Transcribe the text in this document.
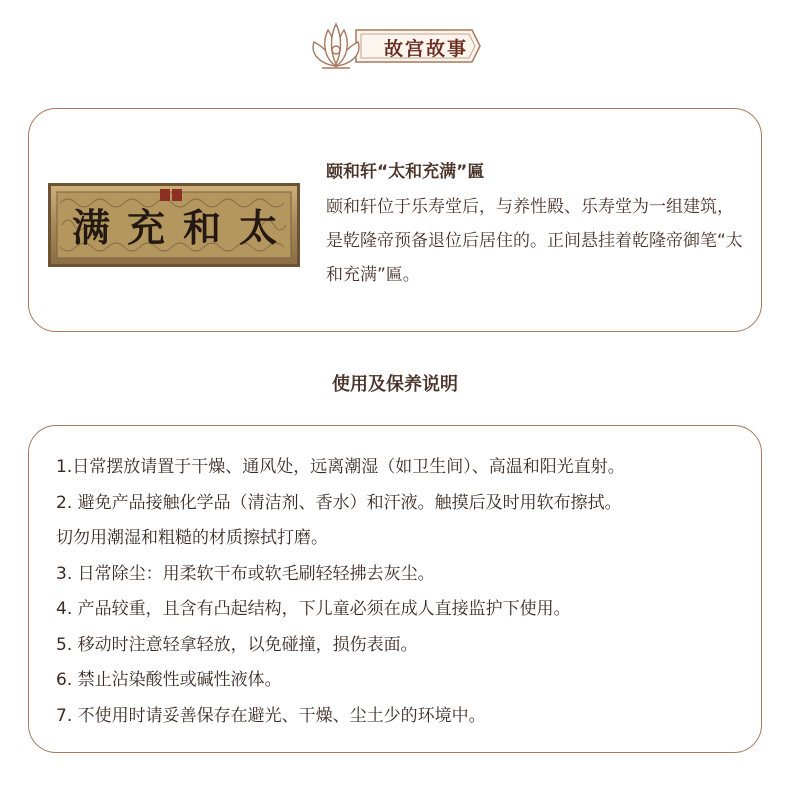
故宫故事
满 充 和 太
颐和轩“太和充满”匾
颐和轩位于乐寿堂后，与养性殿、乐寿堂为一组建筑，是乾隆帝预备退位后居住的。正间悬挂着乾隆帝御笔“太和充满”匾。
使用及保养说明
1.日常摆放请置于干燥、通风处，远离潮湿（如卫生间）、高温和阳光直射。
2. 避免产品接触化学品（清洁剂、香水）和汗液。触摸后及时用软布擦拭。
切勿用潮湿和粗糙的材质擦拭打磨。
3. 日常除尘：用柔软干布或软毛刷轻轻拂去灰尘。
4. 产品较重，且含有凸起结构，下儿童必须在成人直接监护下使用。
5. 移动时注意轻拿轻放，以免碰撞，损伤表面。
6. 禁止沾染酸性或碱性液体。
7. 不使用时请妥善保存在避光、干燥、尘土少的环境中。
